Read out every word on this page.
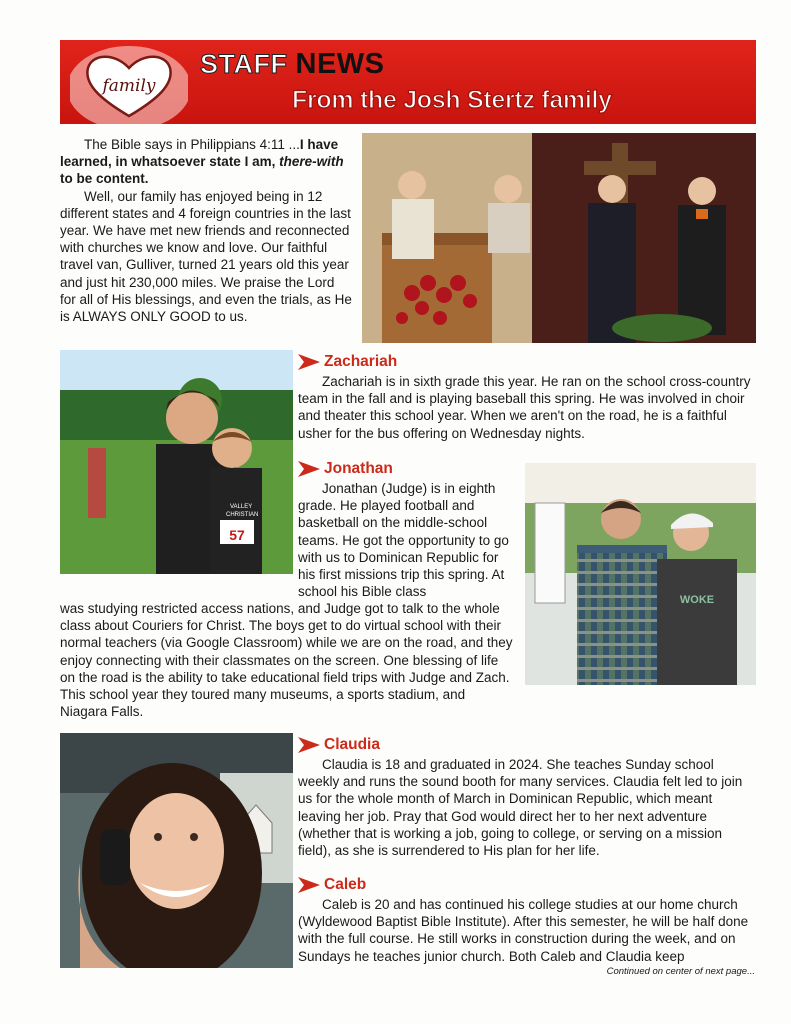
family
STAFF NEWS
From the Josh Stertz family

The Bible says in Philippians 4:11 ...I have learned, in whatsoever state I am, there-with to be content.

Well, our family has enjoyed being in 12 different states and 4 foreign countries in the last year. We have met new friends and reconnected with churches we know and love. Our faithful travel van, Gulliver, turned 21 years old this year and just hit 230,000 miles. We praise the Lord for all of His blessings, and even the trials, as He is ALWAYS ONLY GOOD to us.

VALLEY
CHRISTIAN
57
Zachariah

Zachariah is in sixth grade this year. He ran on the school cross-country team in the fall and is playing baseball this spring. He was involved in choir and theater this school year. When we aren't on the road, he is a faithful usher for the bus offering on Wednesday nights.

Jonathan

Jonathan (Judge) is in eighth grade. He played football and basketball on the middle-school teams. He got the opportunity to go with us to Dominican Republic for his first missions trip this spring. At school his Bible class

was studying restricted access nations, and Judge got to talk to the whole class about Couriers for Christ. The boys get to do virtual school with their normal teachers (via Google Classroom) while we are on the road, and they enjoy connecting with their classmates on the screen. One blessing of life on the road is the ability to take educational field trips with Judge and Zach. This school year they toured many museums, a sports stadium, and Niagara Falls.

WOKE
Claudia

Claudia is 18 and graduated in 2024. She teaches Sunday school weekly and runs the sound booth for many services. Claudia felt led to join us for the whole month of March in Dominican Republic, which meant leaving her job. Pray that God would direct her to her next adventure (whether that is working a job, going to college, or serving on a mission field), as she is surrendered to His plan for her life.

Caleb

Caleb is 20 and has continued his college studies at our home church (Wyldewood Baptist Bible Institute). After this semester, he will be half done with the full course. He still works in construction during the week, and on Sundays he teaches junior church. Both Caleb and Claudia keep

Continued on center of next page...
